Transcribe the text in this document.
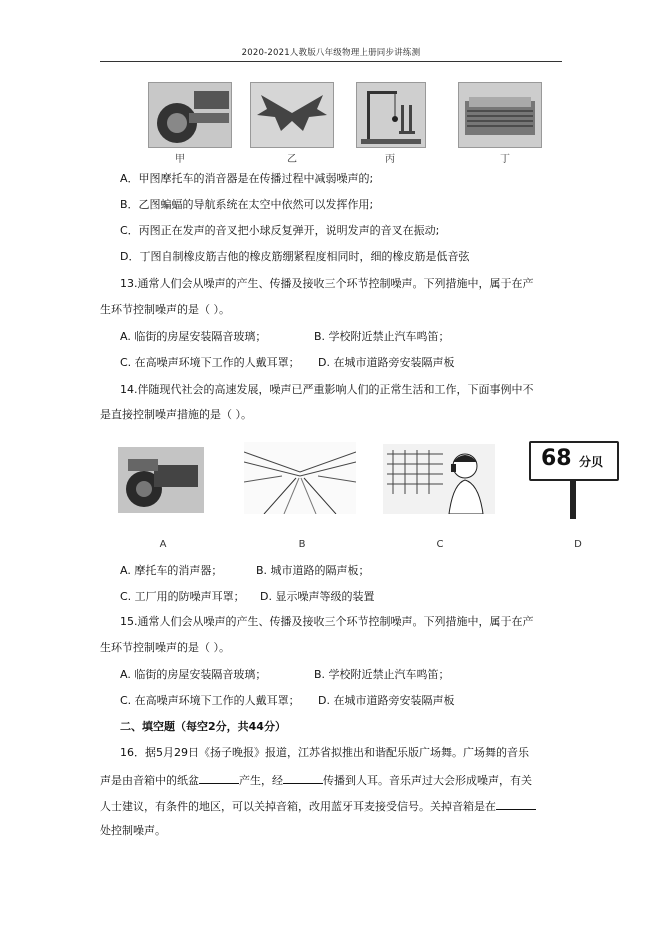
2020-2021人教版八年级物理上册同步讲练测
甲	乙	丙	丁
A．甲图摩托车的消音器是在传播过程中减弱噪声的;
B．乙图蝙蝠的导航系统在太空中依然可以发挥作用;
C．丙图正在发声的音叉把小球反复弹开，说明发声的音叉在振动;
D．丁图自制橡皮筋吉他的橡皮筋绷紧程度相同时，细的橡皮筋是低音弦
13.通常人们会从噪声的产生、传播及接收三个环节控制噪声。下列措施中，属于在产
生环节控制噪声的是（ ）。
A. 临街的房屋安装隔音玻璃；	B. 学校附近禁止汽车鸣笛；
C. 在高噪声环境下工作的人戴耳罩； D. 在城市道路旁安装隔声板
14.伴随现代社会的高速发展，噪声已严重影响人们的正常生活和工作，下面事例中不
是直接控制噪声措施的是（ ）。
68 分贝
A	B	C	D
A. 摩托车的消声器；	B. 城市道路的隔声板；
C. 工厂用的防噪声耳罩； D. 显示噪声等级的装置
15.通常人们会从噪声的产生、传播及接收三个环节控制噪声。下列措施中，属于在产
生环节控制噪声的是（ ）。
A. 临街的房屋安装隔音玻璃；	B. 学校附近禁止汽车鸣笛；
C. 在高噪声环境下工作的人戴耳罩； D. 在城市道路旁安装隔声板
二、填空题（每空2分，共44分）
16．据5月29日《扬子晚报》报道，江苏省拟推出和谐配乐版广场舞。广场舞的音乐
声是由音箱中的纸盆	产生，经	传播到人耳。音乐声过大会形成噪声，有关
人士建议，有条件的地区，可以关掉音箱，改用蓝牙耳麦接受信号。关掉音箱是在
处控制噪声。
